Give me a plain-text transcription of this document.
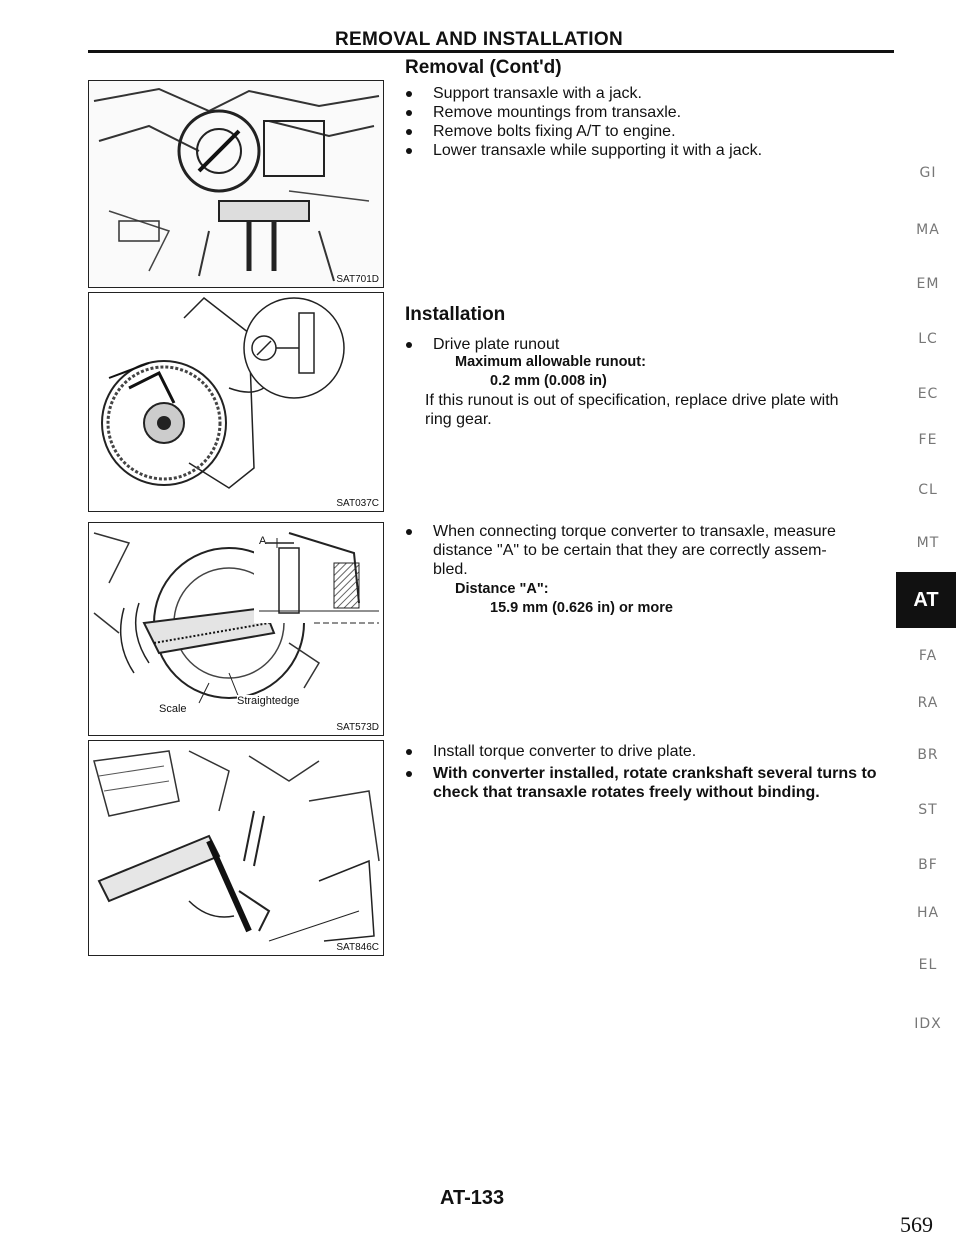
REMOVAL AND INSTALLATION
SAT701D
SAT037C
A
Scale
Straightedge
SAT573D
SAT846C
Removal (Cont'd)
Support transaxle with a jack.
Remove mountings from transaxle.
Remove bolts fixing A/T to engine.
Lower transaxle while supporting it with a jack.
Installation
Drive plate runout
Maximum allowable runout:
0.2 mm (0.008 in)
If this runout is out of specification, replace drive plate with
ring gear.
When connecting torque converter to transaxle, measure
distance "A" to be certain that they are correctly assem-
bled.
Distance "A":
15.9 mm (0.626 in) or more
Install torque converter to drive plate.
With converter installed, rotate crankshaft several turns to
check that transaxle rotates freely without binding.
GI
MA
EM
LC
EC
FE
CL
MT
AT
FA
RA
BR
ST
BF
HA
EL
IDX
AT-133
569
